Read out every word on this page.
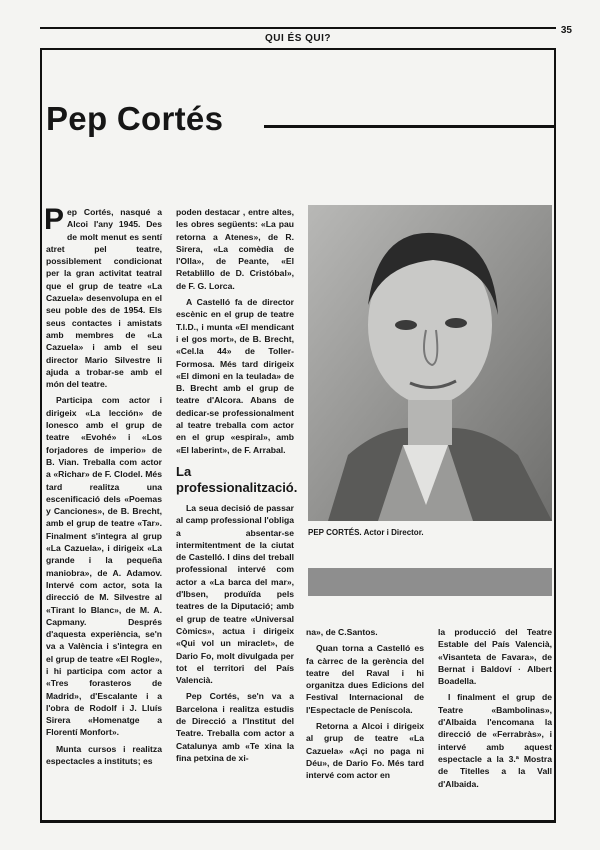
QUI ÉS QUI?
35
Pep Cortés

Pep Cortés, nasqué a Alcoi l'any 1945. Des de molt menut es sentí atret pel teatre, possiblement condicionat per la gran activitat teatral que el grup de teatre «La Cazuela» desenvolupa en el seu poble des de 1954. Els seus contactes i amistats amb membres de «La Cazuela» i amb el seu director Mario Silvestre li ajuda a trobar-se amb el món del teatre.

Participa com actor i dirigeix «La lección» de Ionesco amb el grup de teatre «Evohé» i «Los forjadores de imperio» de B. Vian. Treballa com actor a «Richar» de F. Clodel. Més tard realitza una escenificació dels «Poemas y Canciones», de B. Brecht, amb el grup de teatre «Tar». Finalment s'integra al grup «La Cazuela», i dirigeix «La grande i la pequeña maniobra», de A. Adamov. Intervé com actor, sota la direcció de M. Silvestre al «Tirant lo Blanc», de M. A. Capmany. Després d'aquesta experiència, se'n va a València i s'integra en el grup de teatre «El Rogle», i hi participa com actor a «Tres forasteros de Madrid», d'Escalante i a l'obra de Rodolf i J. Lluís Sirera «Homenatge a Florentí Monfort».

Munta cursos i realitza espectacles a instituts; es

poden destacar , entre altes, les obres següents: «La pau retorna a Atenes», de R. Sirera, «La comèdia de l'Olla», de Peante, «El Retablillo de D. Cristóbal», de F. G. Lorca.

A Castelló fa de director escènic en el grup de teatre T.I.D., i munta «El mendicant i el gos mort», de B. Brecht, «Cel.la 44» de Toller-Formosa. Més tard dirigeix «El dimoni en la teulada» de B. Brecht amb el grup de teatre d'Alcora. Abans de dedicar-se professionalment al teatre treballa com actor en el grup «espiral», amb «El laberint», de F. Arrabal.

La professionalització.

La seua decisió de passar al camp professional l'obliga a absentar-se intermitentment de la ciutat de Castelló. I dins del treball professional intervé com actor a «La barca del mar», d'Ibsen, produïda pels teatres de la Diputació; amb el grup de teatre «Universal Còmics», actua i dirigeix «Qui vol un miraclet», de Dario Fo, molt divulgada per tot el territori del País Valencià.

Pep Cortés, se'n va a Barcelona i realitza estudis de Direcció a l'Institut del Teatre. Treballa com actor a Catalunya amb «Te xina la fina petxina de xi-

PEP CORTÉS. Actor i Director.

na», de C.Santos.

Quan torna a Castelló es fa càrrec de la gerència del teatre del Raval i hi organitza dues Edicions del Festival Internacional de l'Espectacle de Peníscola.

Retorna a Alcoi i dirigeix al grup de teatre «La Cazuela» «Açi no paga ni Déu», de Dario Fo. Més tard intervé com actor en

la producció del Teatre Estable del País Valencià, «Visanteta de Favara», de Bernat i Baldoví · Albert Boadella.

I finalment el grup de Teatre «Bambolinas», d'Albaida l'encomana la direcció de «Ferrabràs», i intervé amb aquest espectacle a la 3.ª Mostra de Titelles a la Vall d'Albaida.
